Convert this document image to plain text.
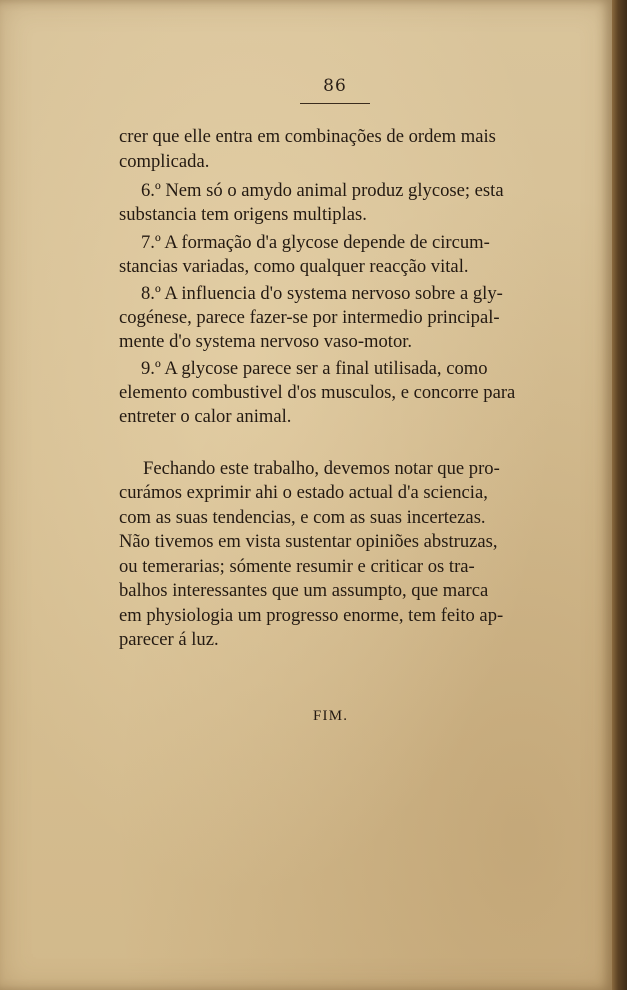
86
crer que elle entra em combinações de ordem mais
complicada.
6.º Nem só o amydo animal produz glycose; esta
substancia tem origens multiplas.
7.º A formação d'a glycose depende de circum-
stancias variadas, como qualquer reacção vital.
8.º A influencia d'o systema nervoso sobre a gly-
cogénese, parece fazer-se por intermedio principal-
mente d'o systema nervoso vaso-motor.
9.º A glycose parece ser a final utilisada, como
elemento combustivel d'os musculos, e concorre para
entreter o calor animal.
Fechando este trabalho, devemos notar que pro-
curámos exprimir ahi o estado actual d'a sciencia,
com as suas tendencias, e com as suas incertezas.
Não tivemos em vista sustentar opiniões abstruzas,
ou temerarias; sómente resumir e criticar os tra-
balhos interessantes que um assumpto, que marca
em physiologia um progresso enorme, tem feito ap-
parecer á luz.
FIM.
